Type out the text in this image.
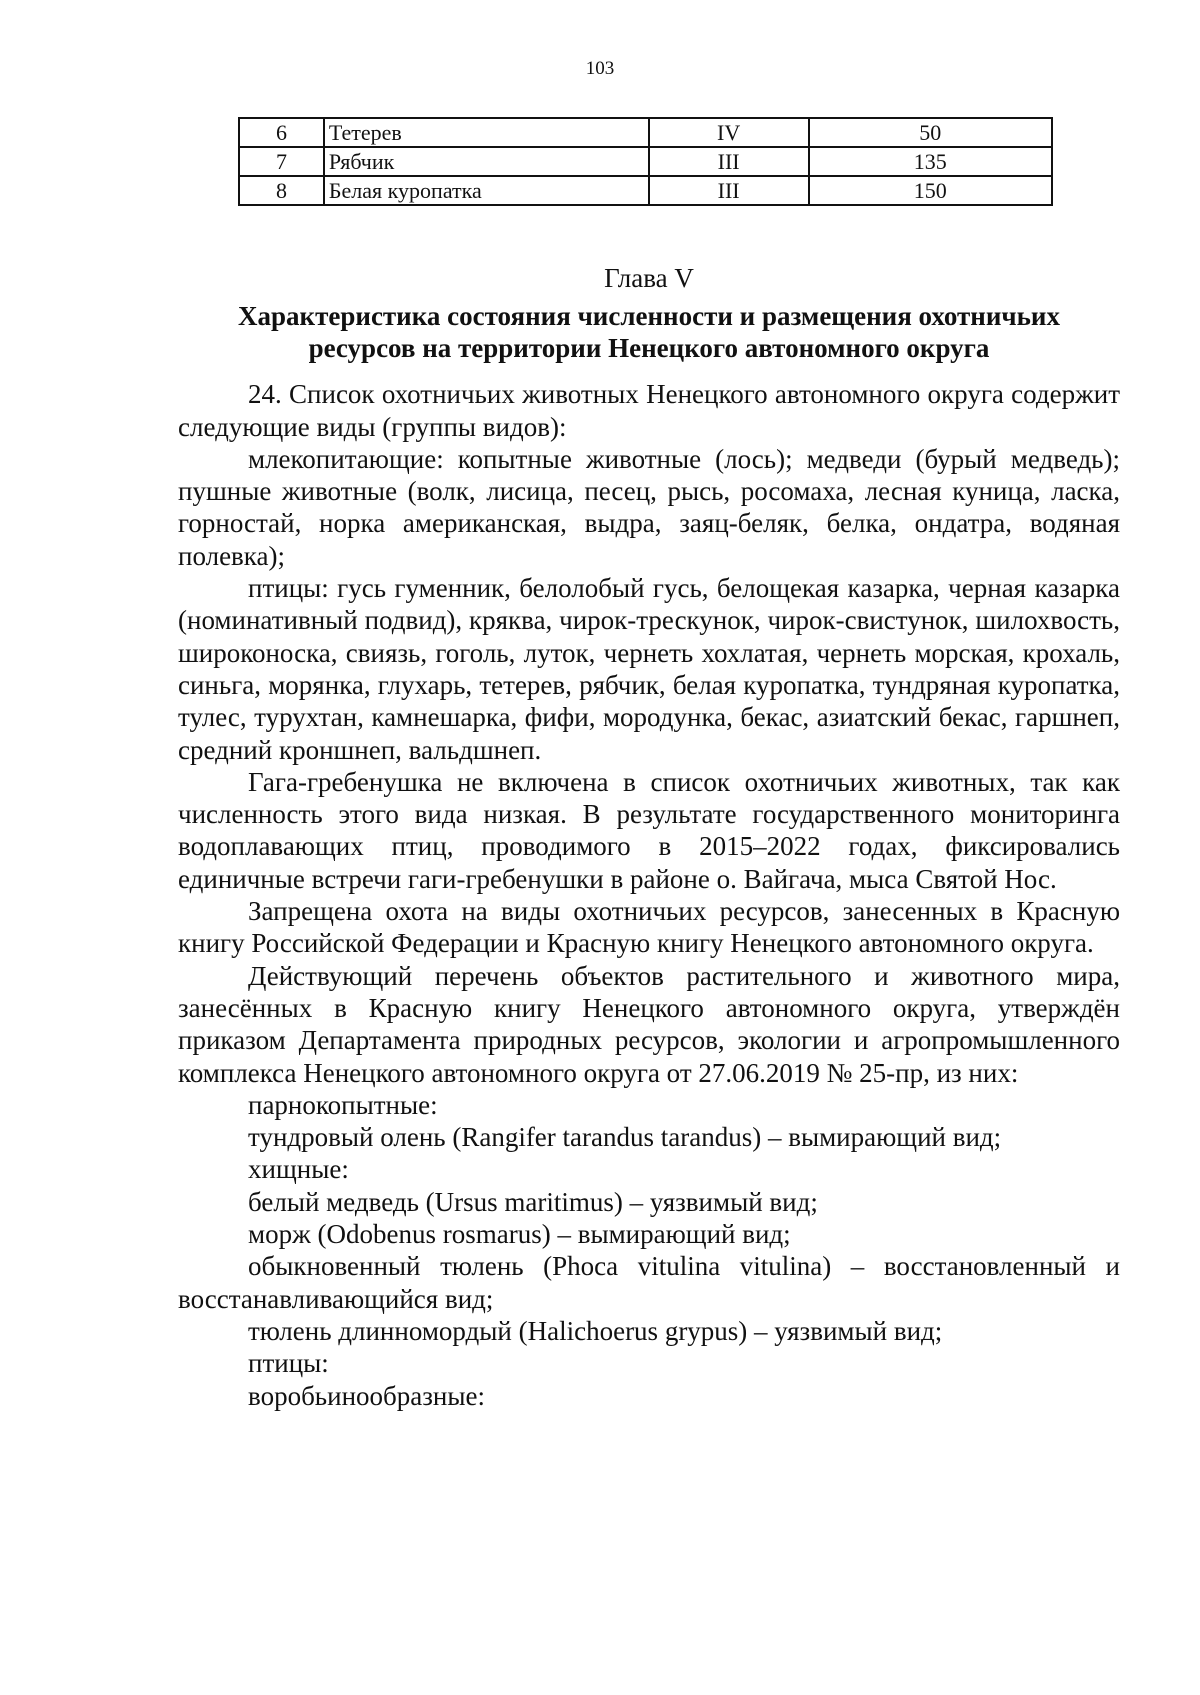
103
6	Тетерев	IV	50
7	Рябчик	III	135
8	Белая куропатка	III	150
Глава V
Характеристика состояния численности и размещения охотничьих
ресурсов на территории Ненецкого автономного округа

24. Список охотничьих животных Ненецкого автономного округа содержит следующие виды (группы видов):

млекопитающие: копытные животные (лось); медведи (бурый медведь); пушные животные (волк, лисица, песец, рысь, росомаха, лесная куница, ласка, горностай, норка американская, выдра, заяц-беляк, белка, ондатра, водяная полевка);

птицы: гусь гуменник, белолобый гусь, белощекая казарка, черная казарка (номинативный подвид), кряква, чирок-трескунок, чирок-свистунок, шилохвость, широконоска, свиязь, гоголь, луток, чернеть хохлатая, чернеть морская, крохаль, синьга, морянка, глухарь, тетерев, рябчик, белая куропатка, тундряная куропатка, тулес, турухтан, камнешарка, фифи, мородунка, бекас, азиатский бекас, гаршнеп, средний кроншнеп, вальдшнеп.

Гага-гребенушка не включена в список охотничьих животных, так как численность этого вида низкая. В результате государственного мониторинга водоплавающих птиц, проводимого в 2015–2022 годах, фиксировались единичные встречи гаги-гребенушки в районе о. Вайгача, мыса Святой Нос.

Запрещена охота на виды охотничьих ресурсов, занесенных в Красную книгу Российской Федерации и Красную книгу Ненецкого автономного округа.

Действующий перечень объектов растительного и животного мира, занесённых в Красную книгу Ненецкого автономного округа, утверждён приказом Департамента природных ресурсов, экологии и агропромышленного комплекса Ненецкого автономного округа от 27.06.2019 № 25-пр, из них:

парнокопытные:

тундровый олень (Rangifer tarandus tarandus) – вымирающий вид;

хищные:

белый медведь (Ursus maritimus) – уязвимый вид;

морж (Odobenus rosmarus) – вымирающий вид;

обыкновенный тюлень (Phoca vitulina vitulina) – восстановленный и восстанавливающийся вид;

тюлень длинномордый (Halichoerus grypus) – уязвимый вид;

птицы:

воробьинообразные:
